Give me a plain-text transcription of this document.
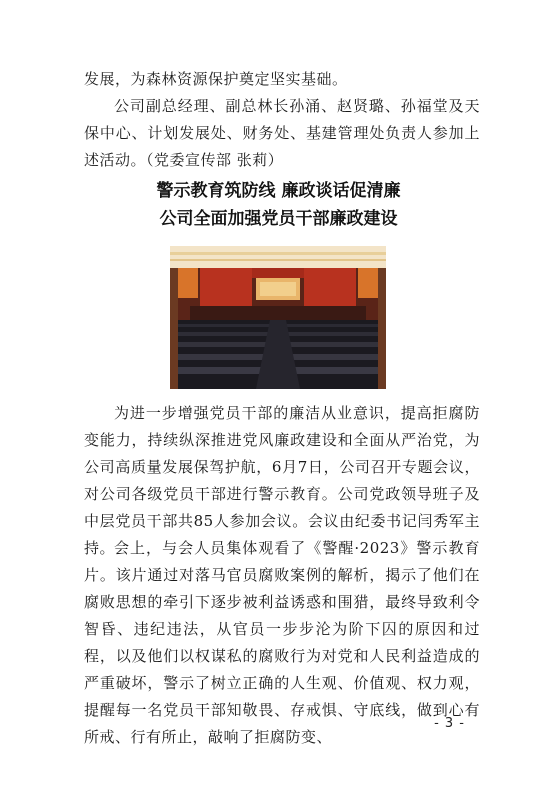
发展，为森林资源保护奠定坚实基础。

公司副总经理、副总林长孙涌、赵贤璐、孙福堂及天保中心、计划发展处、财务处、基建管理处负责人参加上述活动。（党委宣传部 张莉）

警示教育筑防线 廉政谈话促清廉
公司全面加强党员干部廉政建设

为进一步增强党员干部的廉洁从业意识，提高拒腐防变能力，持续纵深推进党风廉政建设和全面从严治党，为公司高质量发展保驾护航，6月7日，公司召开专题会议，对公司各级党员干部进行警示教育。公司党政领导班子及中层党员干部共85人参加会议。会议由纪委书记闫秀军主持。

会上，与会人员集体观看了《警醒·2023》警示教育片。该片通过对落马官员腐败案例的解析，揭示了他们在腐败思想的牵引下逐步被利益诱惑和围猎，最终导致利令智昏、违纪违法，从官员一步步沦为阶下囚的原因和过程，以及他们以权谋私的腐败行为对党和人民利益造成的严重破坏，警示了树立正确的人生观、价值观、权力观，提醒每一名党员干部知敬畏、存戒惧、守底线，做到心有所戒、行有所止，敲响了拒腐防变、

- 3 -
